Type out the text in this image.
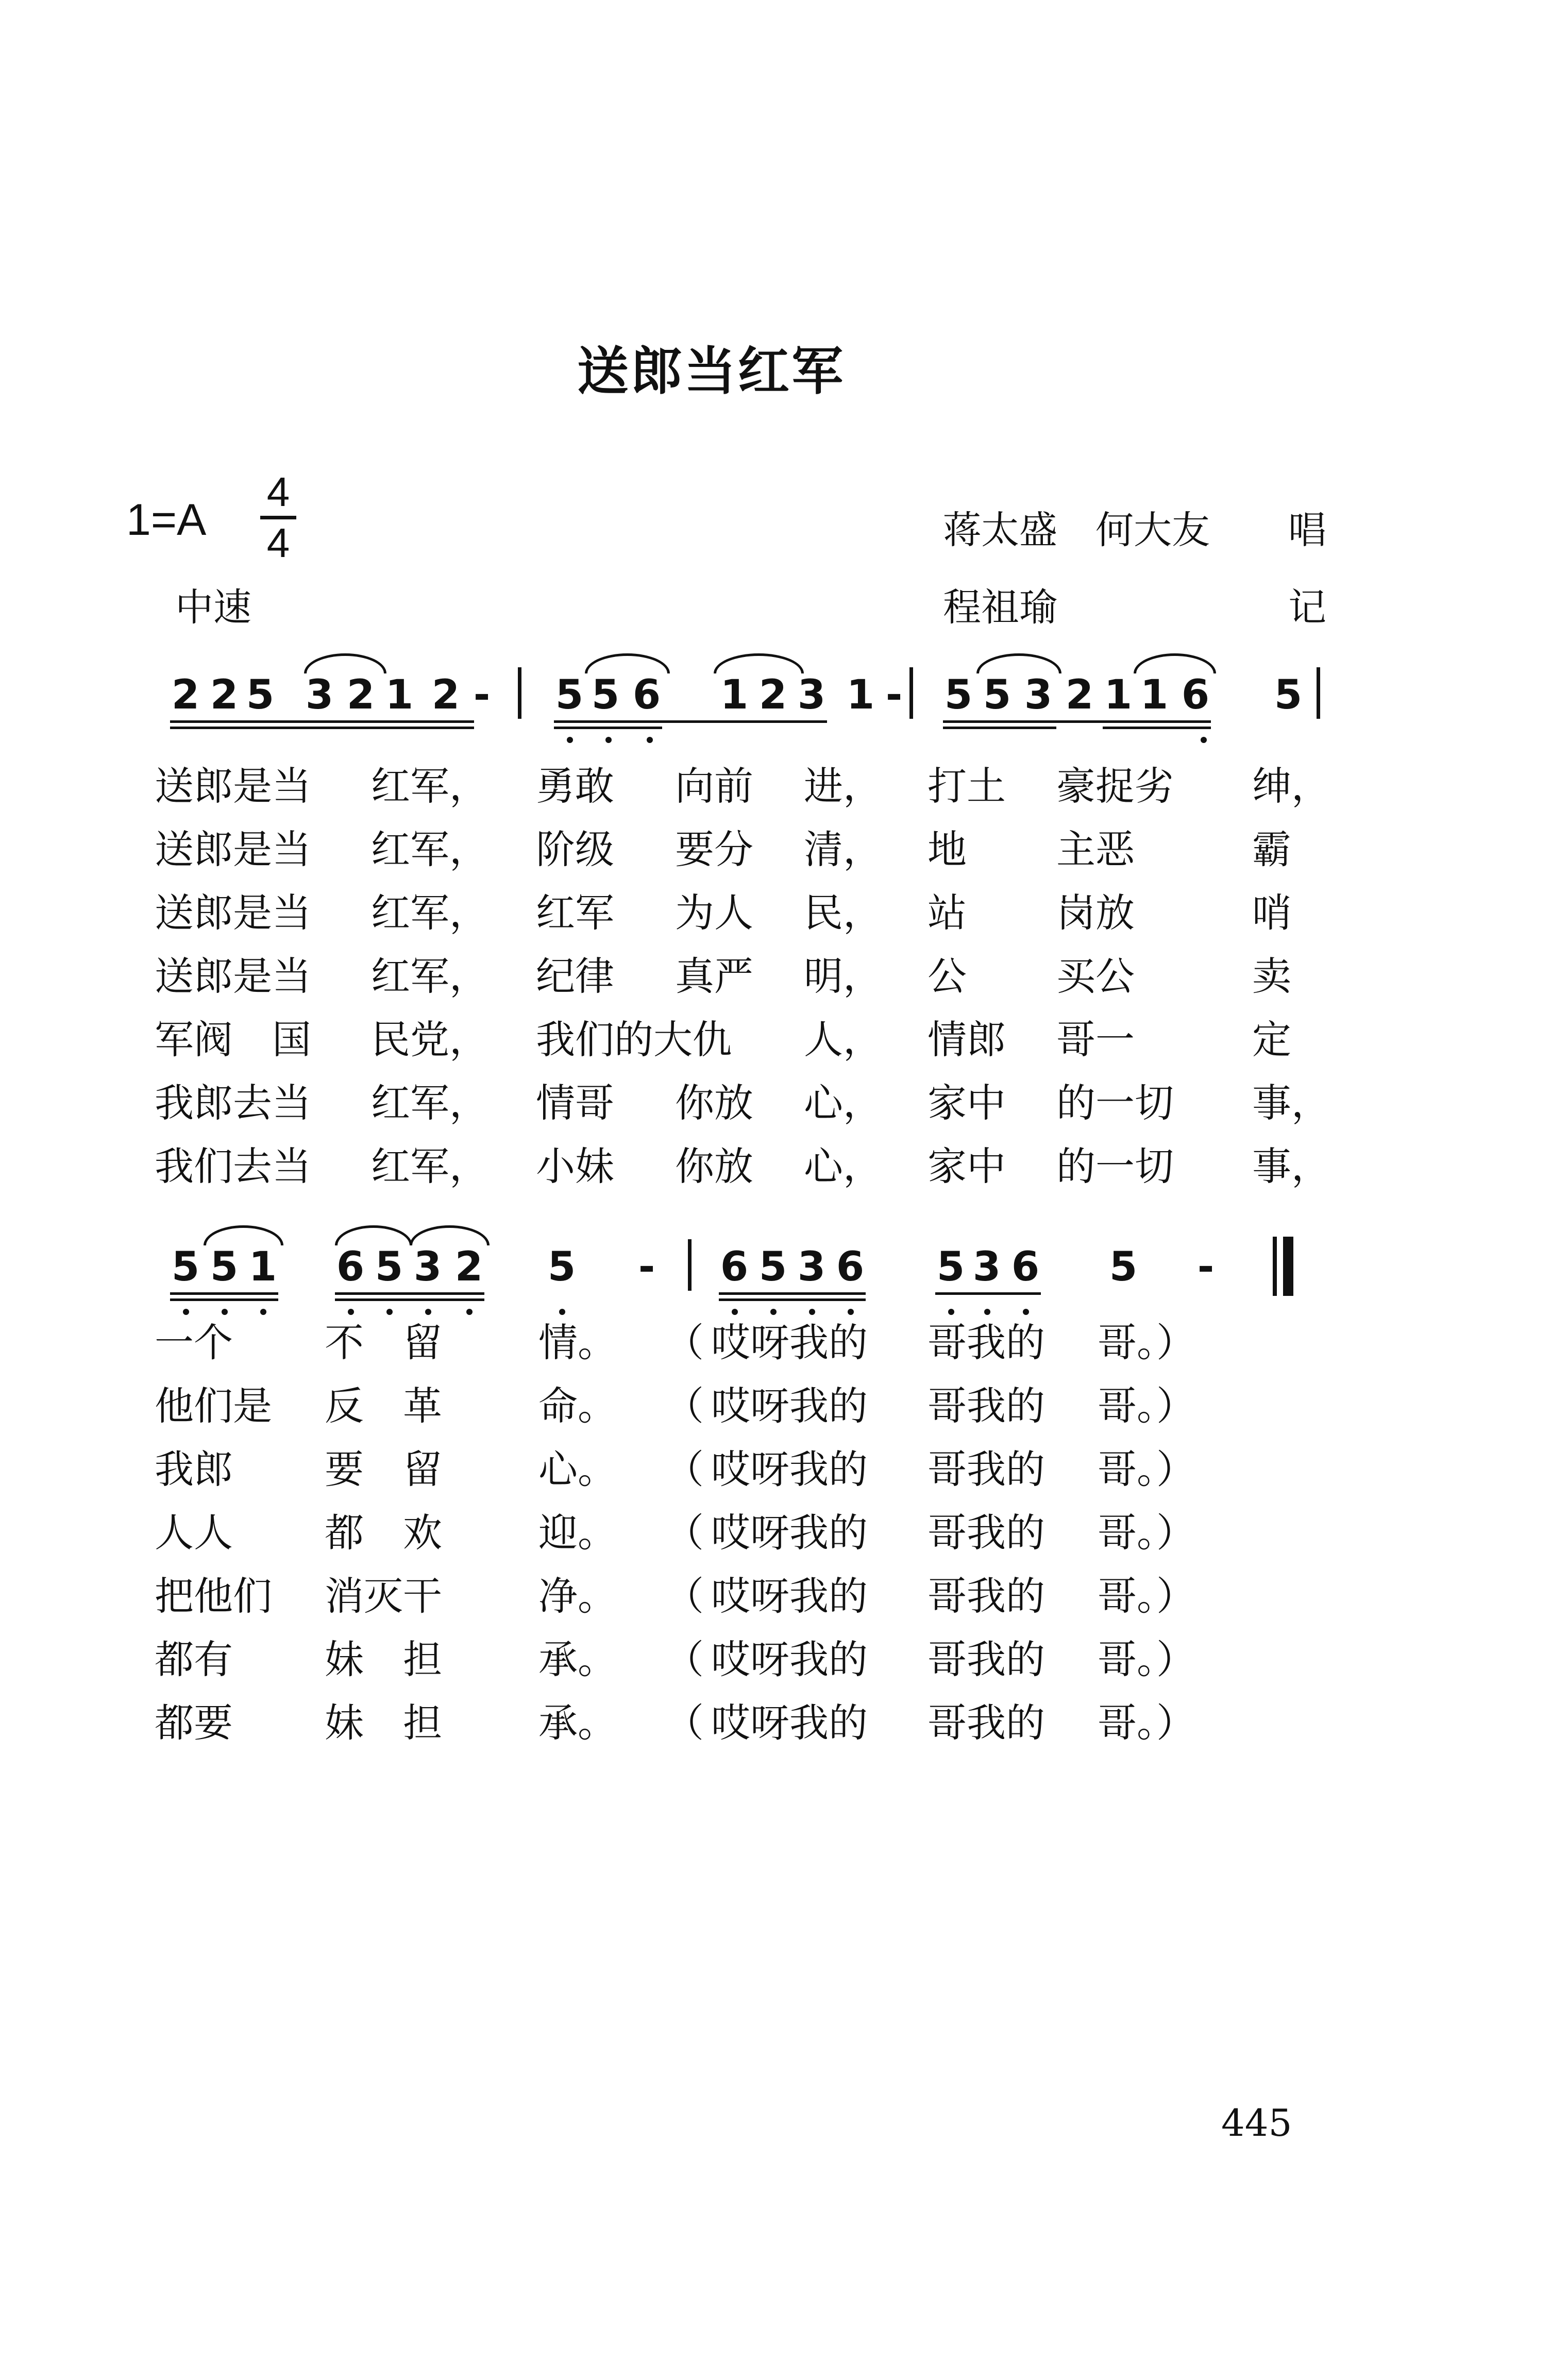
送郎当红军
1=A
4
4	蒋太盛　何大友 唱
程祖瑜	记
中速
2 2 5 3 2 1 2 - 5 5 6 1 2 3 1 - 5 5 3 2 1 1 6 5
送郎是当 红军， 勇敢 向前 进， 打土 豪捉劣 绅，
送郎是当 红军， 阶级 要分 清， 地 主恶	霸
送郎是当 红军， 红军 为人 民， 站 岗放	哨
送郎是当 红军， 纪律 真严 明， 公 买公	卖
军阀　国 民党， 我们的大仇 人， 情郎 哥一	定
我郎去当 红军， 情哥 你放 心， 家中 的一切 事，
我们去当 红军， 小妹 你放 心， 家中 的一切 事，
5 5 1 6 5 3 2 5 - 6 5 3 6 5 3 6 5 -
一个 不　留 情。 （ 哎呀我的 哥我的 哥。）
他们是 反　革 命。 （ 哎呀我的 哥我的 哥。）
我郎 要　留 心。 （ 哎呀我的 哥我的 哥。）
人人 都　欢 迎。 （ 哎呀我的 哥我的 哥。）
把他们 消灭干 净。 （ 哎呀我的 哥我的 哥。）
都有 妹　担 承。 （ 哎呀我的 哥我的 哥。）
都要 妹　担 承。 （ 哎呀我的 哥我的 哥。）
445
